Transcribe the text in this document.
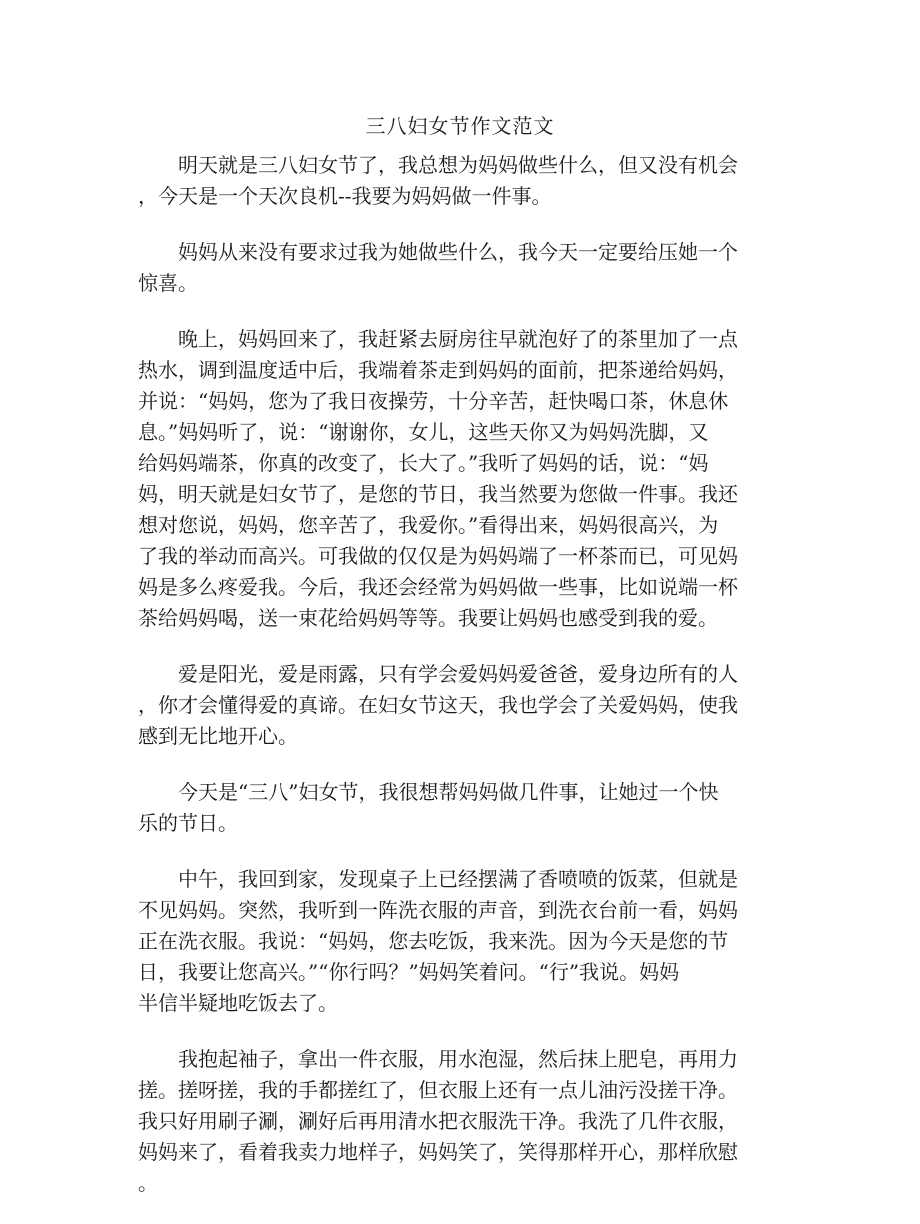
三八妇女节作文范文

　　明天就是三八妇女节了，我总想为妈妈做些什么，但又没有机会
，今天是一个天次良机--我要为妈妈做一件事。

　　妈妈从来没有要求过我为她做些什么，我今天一定要给压她一个
惊喜。

　　晚上，妈妈回来了，我赶紧去厨房往早就泡好了的茶里加了一点
热水，调到温度适中后，我端着茶走到妈妈的面前，把茶递给妈妈，
并说：“妈妈，您为了我日夜操劳，十分辛苦，赶快喝口茶，休息休
息。”妈妈听了，说：“谢谢你，女儿，这些天你又为妈妈洗脚，又
给妈妈端茶，你真的改变了，长大了。”我听了妈妈的话，说：“妈
妈，明天就是妇女节了，是您的节日，我当然要为您做一件事。我还
想对您说，妈妈，您辛苦了，我爱你。”看得出来，妈妈很高兴，为
了我的举动而高兴。可我做的仅仅是为妈妈端了一杯茶而已，可见妈
妈是多么疼爱我。今后，我还会经常为妈妈做一些事，比如说端一杯
茶给妈妈喝，送一束花给妈妈等等。我要让妈妈也感受到我的爱。

　　爱是阳光，爱是雨露，只有学会爱妈妈爱爸爸，爱身边所有的人
，你才会懂得爱的真谛。在妇女节这天，我也学会了关爱妈妈，使我
感到无比地开心。

　　今天是“三八”妇女节，我很想帮妈妈做几件事，让她过一个快
乐的节日。

　　中午，我回到家，发现桌子上已经摆满了香喷喷的饭菜，但就是
不见妈妈。突然，我听到一阵洗衣服的声音，到洗衣台前一看，妈妈
正在洗衣服。我说：“妈妈，您去吃饭，我来洗。因为今天是您的节
日，我要让您高兴。”“你行吗？”妈妈笑着问。“行”我说。妈妈
半信半疑地吃饭去了。

　　我抱起袖子，拿出一件衣服，用水泡湿，然后抹上肥皂，再用力
搓。搓呀搓，我的手都搓红了，但衣服上还有一点儿油污没搓干净。
我只好用刷子涮，涮好后再用清水把衣服洗干净。我洗了几件衣服，
妈妈来了，看着我卖力地样子，妈妈笑了，笑得那样开心，那样欣慰
。
